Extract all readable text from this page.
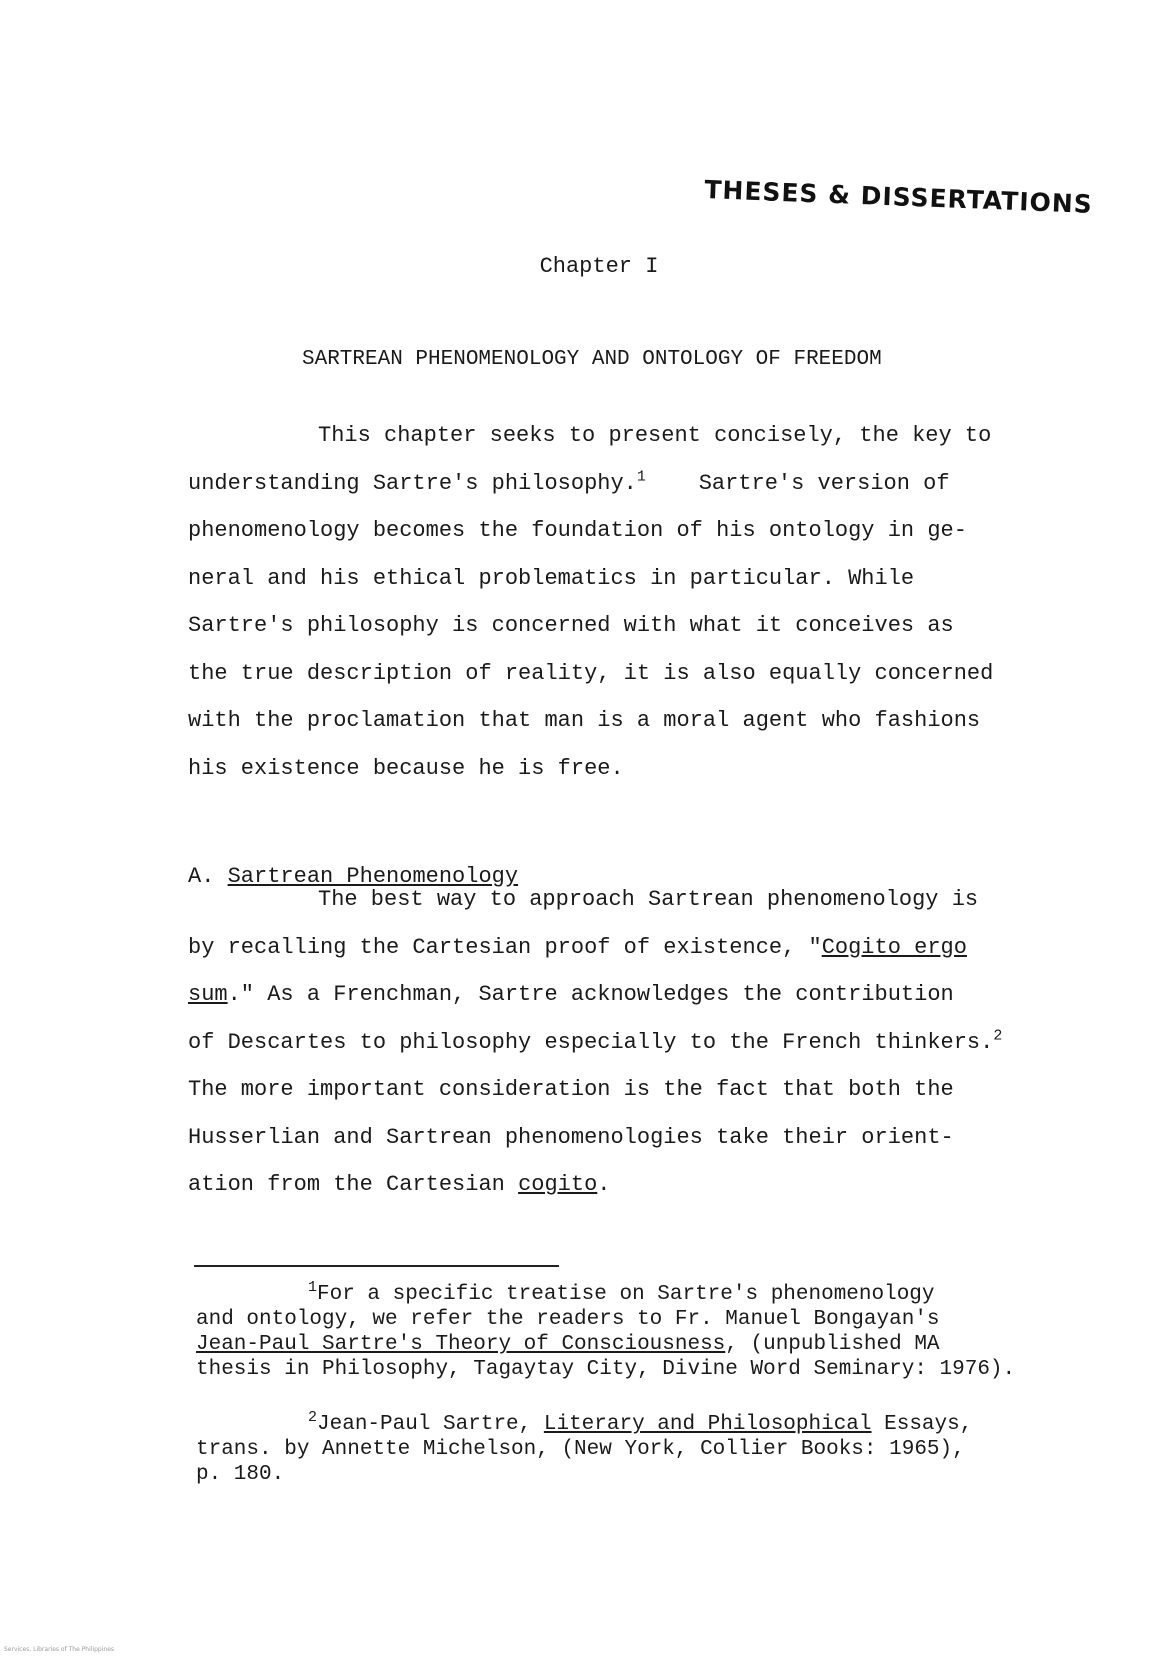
THESES & DISSERTATIONS
Chapter I
SARTREAN PHENOMENOLOGY AND ONTOLOGY OF FREEDOM
This chapter seeks to present concisely, the key to
understanding Sartre's philosophy.$^1$ Sartre's version of
phenomenology becomes the foundation of his ontology in ge-
neral and his ethical problematics in particular. While
Sartre's philosophy is concerned with what it conceives as
the true description of reality, it is also equally concerned
with the proclamation that man is a moral agent who fashions
his existence because he is free.
A. Sartrean Phenomenology
The best way to approach Sartrean phenomenology is
by recalling the Cartesian proof of existence, "Cogito ergo
sum." As a Frenchman, Sartre acknowledges the contribution
of Descartes to philosophy especially to the French thinkers.$^2$
The more important consideration is the fact that both the
Husserlian and Sartrean phenomenologies take their orient-
ation from the Cartesian cogito.
$^1$For a specific treatise on Sartre's phenomenology
and ontology, we refer the readers to Fr. Manuel Bongayan's
Jean-Paul Sartre's Theory of Consciousness, (unpublished MA
thesis in Philosophy, Tagaytay City, Divine Word Seminary: 1976).
$^2$Jean-Paul Sartre, Literary and Philosophical Essays,
trans. by Annette Michelson, (New York, Collier Books: 1965),
p. 180.
Services, Libraries of The Philippines
